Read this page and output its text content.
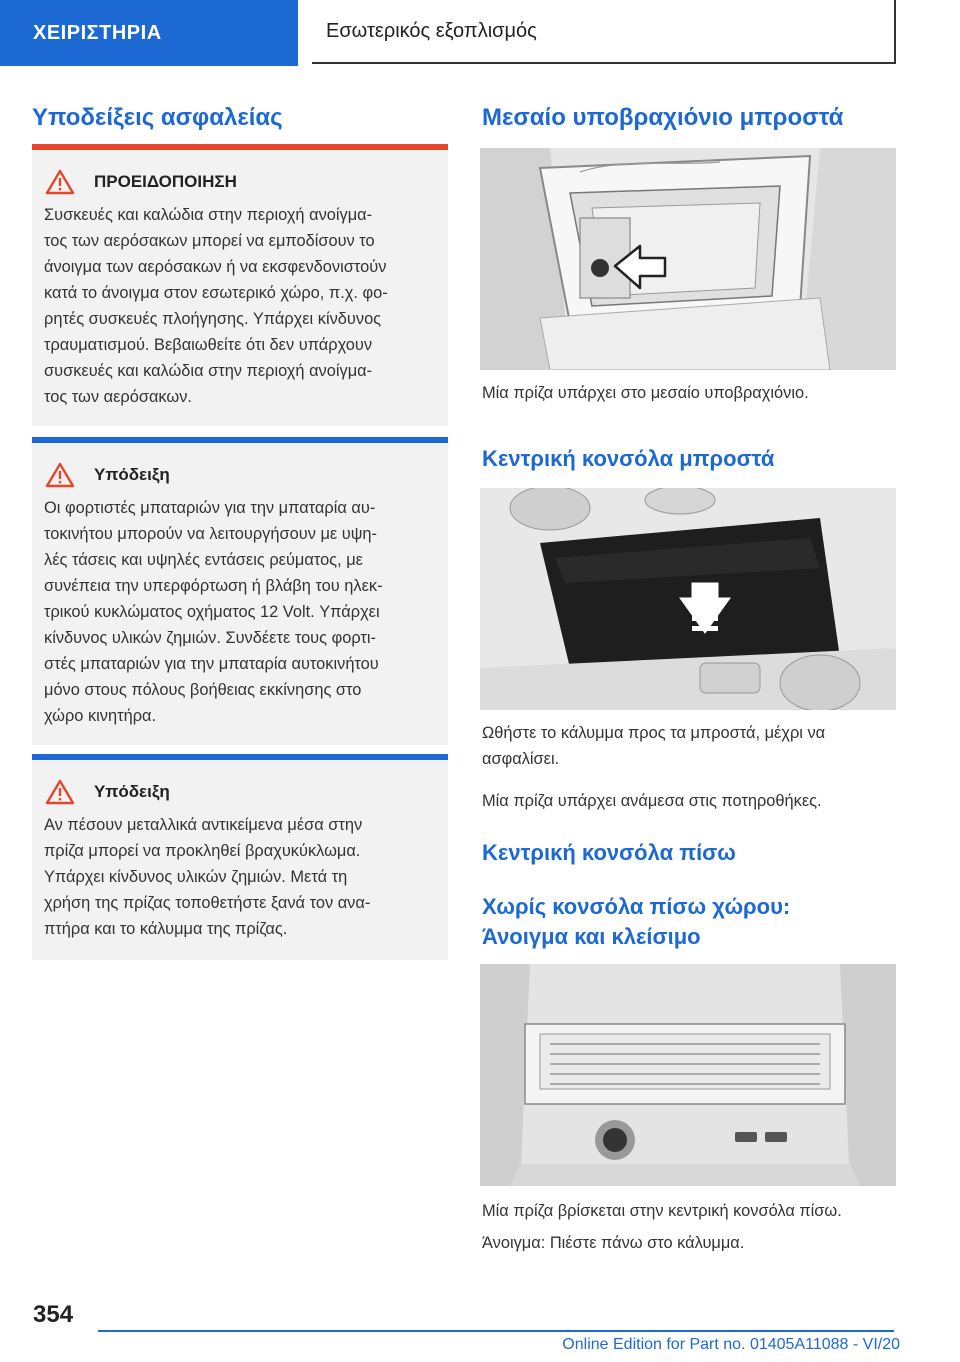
ΧΕΙΡΙΣΤΗΡΙΑ	Εσωτερικός εξοπλισμός
Υποδείξεις ασφαλείας
ΠΡΟΕΙΔΟΠΟΙΗΣΗ

Συσκευές και καλώδια στην περιοχή ανοίγμα-

τος των αερόσακων μπορεί να εμποδίσουν το

άνοιγμα των αερόσακων ή να εκσφενδονιστούν

κατά το άνοιγμα στον εσωτερικό χώρο, π.χ. φο-

ρητές συσκευές πλοήγησης. Υπάρχει κίνδυνος

τραυματισμού. Βεβαιωθείτε ότι δεν υπάρχουν

συσκευές και καλώδια στην περιοχή ανοίγμα-

τος των αερόσακων.

Υπόδειξη

Οι φορτιστές μπαταριών για την μπαταρία αυ-

τοκινήτου μπορούν να λειτουργήσουν με υψη-

λές τάσεις και υψηλές εντάσεις ρεύματος, με

συνέπεια την υπερφόρτωση ή βλάβη του ηλεκ-

τρικού κυκλώματος οχήματος 12 Volt. Υπάρχει

κίνδυνος υλικών ζημιών. Συνδέετε τους φορτι-

στές μπαταριών για την μπαταρία αυτοκινήτου

μόνο στους πόλους βοήθειας εκκίνησης στο

χώρο κινητήρα.

Υπόδειξη

Αν πέσουν μεταλλικά αντικείμενα μέσα στην

πρίζα μπορεί να προκληθεί βραχυκύκλωμα.

Υπάρχει κίνδυνος υλικών ζημιών. Μετά τη

χρήση της πρίζας τοποθετήστε ξανά τον ανα-

πτήρα και το κάλυμμα της πρίζας.

Μεσαίο υποβραχιόνιο μπροστά

Μία πρίζα υπάρχει στο μεσαίο υποβραχιόνιο.

Κεντρική κονσόλα μπροστά

Ωθήστε το κάλυμμα προς τα μπροστά, μέχρι να

ασφαλίσει.

Μία πρίζα υπάρχει ανάμεσα στις ποτηροθήκες.

Κεντρική κονσόλα πίσω
Χωρίς κονσόλα πίσω χώρου:
Άνοιγμα και κλείσιμο

Μία πρίζα βρίσκεται στην κεντρική κονσόλα πίσω.

Άνοιγμα: Πιέστε πάνω στο κάλυμμα.

354
Online Edition for Part no. 01405A11088 - VI/20
